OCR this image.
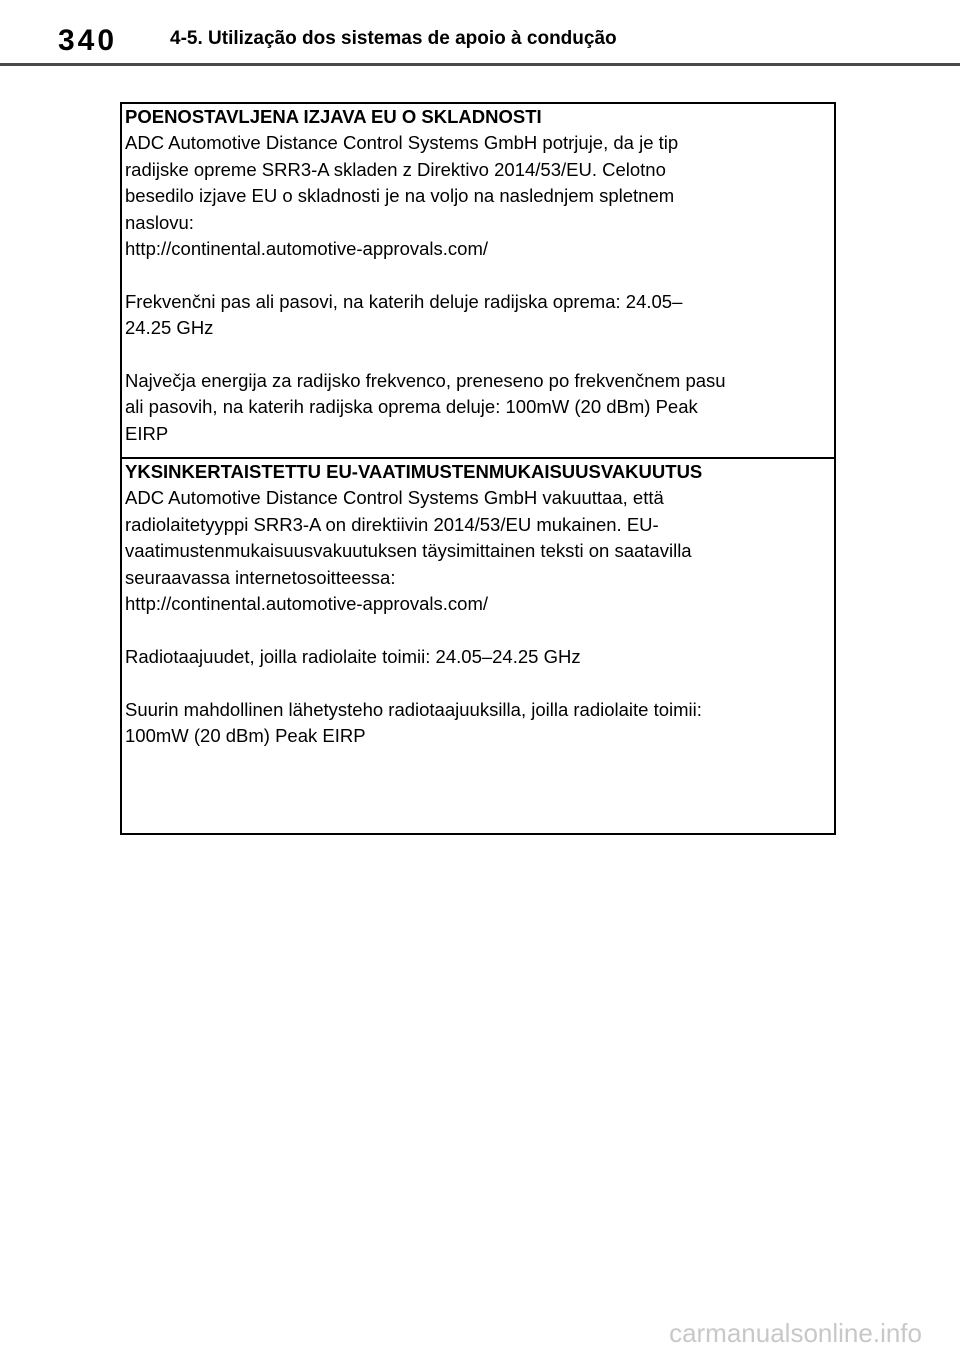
340	4-5. Utilização dos sistemas de apoio à condução
POENOSTAVLJENA IZJAVA EU O SKLADNOSTI
ADC Automotive Distance Control Systems GmbH potrjuje, da je tip
radijske opreme SRR3-A skladen z Direktivo 2014/53/EU. Celotno
besedilo izjave EU o skladnosti je na voljo na naslednjem spletnem
naslovu:
http://continental.automotive-approvals.com/
Frekvenčni pas ali pasovi, na katerih deluje radijska oprema: 24.05–
24.25 GHz
Največja energija za radijsko frekvenco, preneseno po frekvenčnem pasu
ali pasovih, na katerih radijska oprema deluje: 100mW (20 dBm) Peak
EIRP
YKSINKERTAISTETTU EU-VAATIMUSTENMUKAISUUSVAKUUTUS
ADC Automotive Distance Control Systems GmbH vakuuttaa, että
radiolaitetyyppi SRR3-A on direktiivin 2014/53/EU mukainen. EU-
vaatimustenmukaisuusvakuutuksen täysimittainen teksti on saatavilla
seuraavassa internetosoitteessa:
http://continental.automotive-approvals.com/
Radiotaajuudet, joilla radiolaite toimii: 24.05–24.25 GHz
Suurin mahdollinen lähetysteho radiotaajuuksilla, joilla radiolaite toimii:
100mW (20 dBm) Peak EIRP
carmanualsonline.info
